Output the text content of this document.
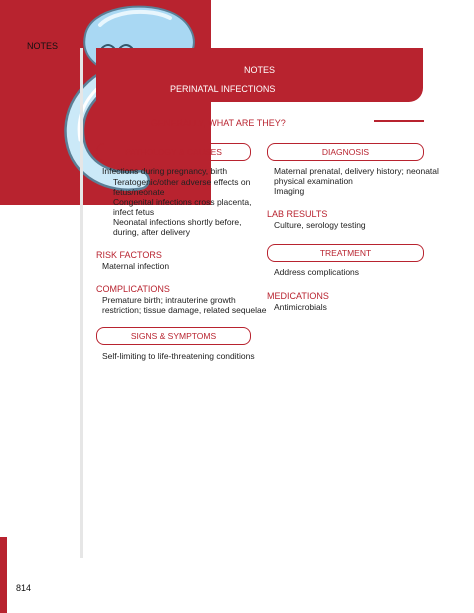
NOTES
NOTES
PERINATAL INFECTIONS
GENERALLY, WHAT ARE THEY?
PATHOLOGY & CAUSES
Infections during pregnancy, birth
Teratogenic/other adverse effects on
fetus/neonate
Congenital infections cross placenta,
infect fetus
Neonatal infections shortly before,
during, after delivery
RISK FACTORS
Maternal infection
COMPLICATIONS
Premature birth; intrauterine growth
restriction; tissue damage, related sequelae
SIGNS & SYMPTOMS
Self-limiting to life-threatening conditions
DIAGNOSIS
Maternal prenatal, delivery history; neonatal
physical examination
Imaging
LAB RESULTS
Culture, serology testing
TREATMENT
Address complications
MEDICATIONS
Antimicrobials
814
